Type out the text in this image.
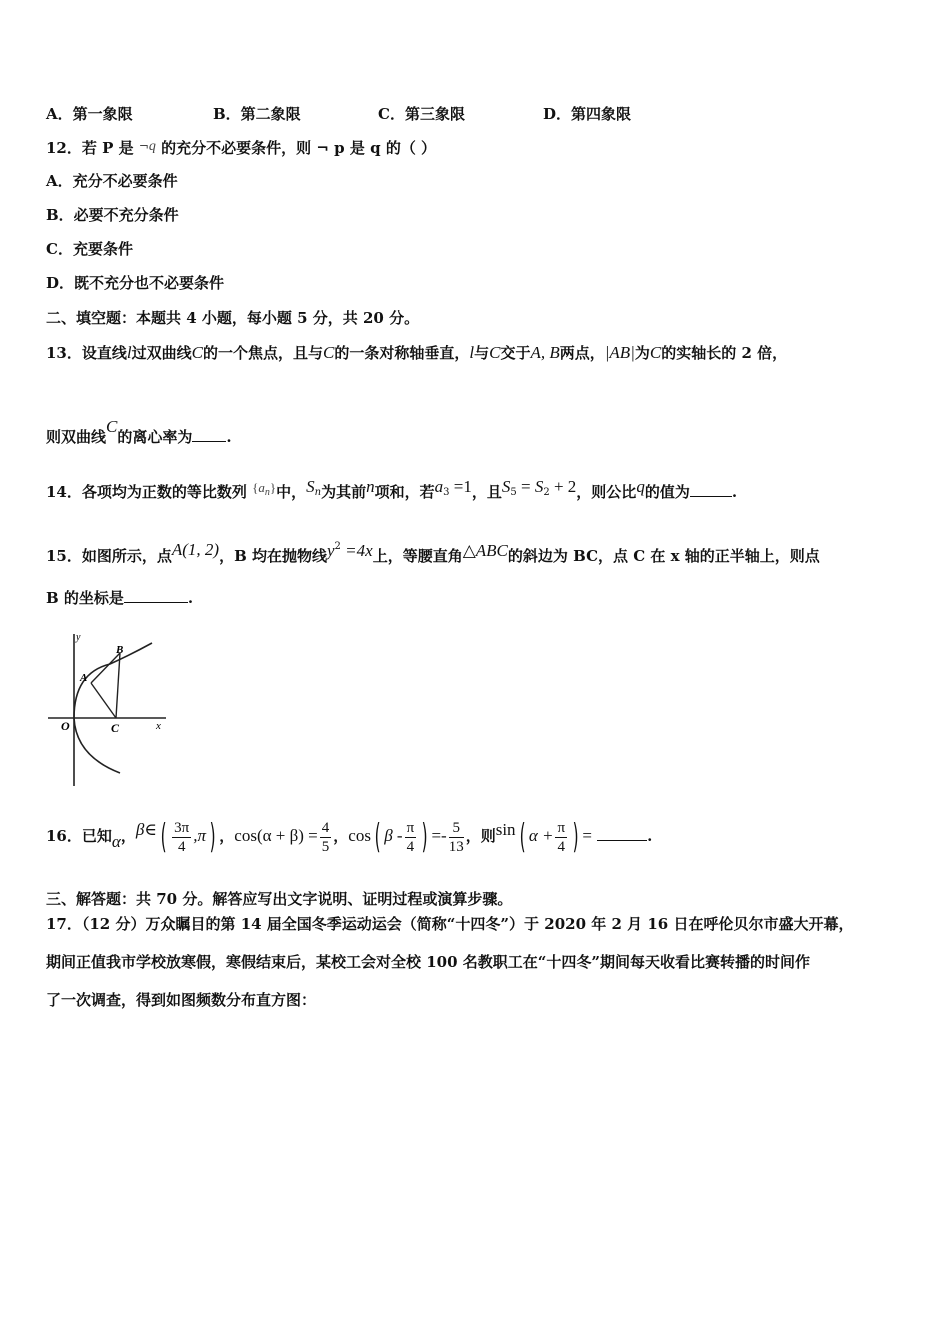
A．第一象限	B．第二象限	C．第三象限	D．第四象限
12．若 P 是 ¬q 的充分不必要条件，则 ¬ p 是 q 的（ ）
A．充分不必要条件
B．必要不充分条件
C．充要条件
D．既不充分也不必要条件
二、填空题：本题共 4 小题，每小题 5 分，共 20 分。
13．设直线l过双曲线C的一个焦点，且与C的一条对称轴垂直，l与C交于A, B两点，|AB|为C的实轴长的 2 倍，
则双曲线C的离心率为 .
14．各项均为正数的等比数列 $\{a_n\}$中，$S_n$为其前n项和，若$a_3 =1$，且$S_5 = S_2 + 2$，则公比q的值为	.
15．如图所示，点A(1, 2)，B 均在抛物线$y^2 =4x$上，等腰直角△ABC的斜边为 BC，点 C 在 x 轴的正半轴上，则点
B 的坐标是	.
y
x
O
A
B
C
16．已知α，β∈ ( $\frac{3\pi}{4} ,\pi$ ) ，$\cos(\alpha + \beta) = \frac{4}{5}$ ，cos ( β - $\frac{\pi}{4}$ ) =- $\frac{5}{13}$ ，则sin ( $\alpha + \frac{\pi}{4}$ ) =	.
三、解答题：共 70 分。解答应写出文字说明、证明过程或演算步骤。
17．（12 分）万众瞩目的第 14 届全国冬季运动运会（简称“十四冬”）于 2020 年 2 月 16 日在呼伦贝尔市盛大开幕，
期间正值我市学校放寒假，寒假结束后，某校工会对全校 100 名教职工在“十四冬”期间每天收看比赛转播的时间作
了一次调查，得到如图频数分布直方图：
